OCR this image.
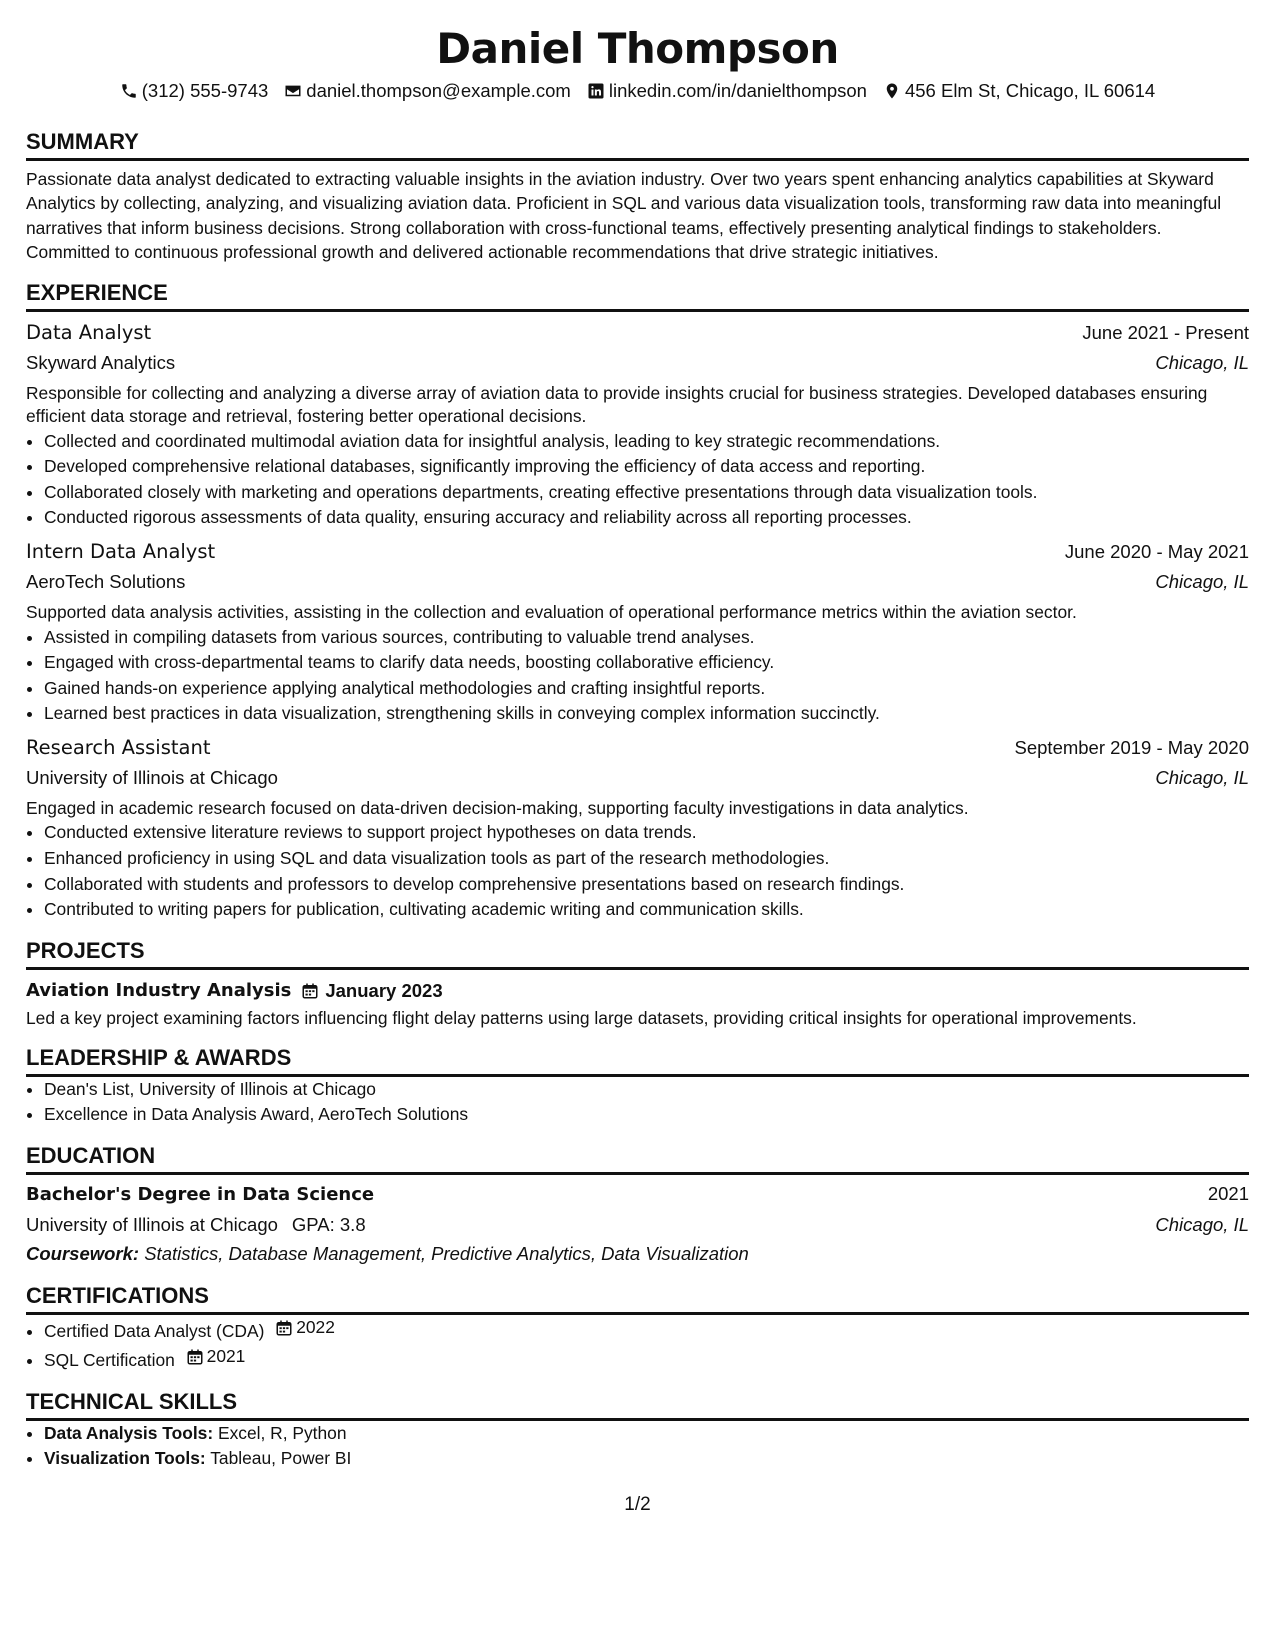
Daniel Thompson
(312) 555-9743 daniel.thompson@example.com linkedin.com/in/danielthompson 456 Elm St, Chicago, IL 60614
SUMMARY

Passionate data analyst dedicated to extracting valuable insights in the aviation industry. Over two years spent enhancing analytics capabilities at Skyward Analytics by collecting, analyzing, and visualizing aviation data. Proficient in SQL and various data visualization tools, transforming raw data into meaningful narratives that inform business decisions. Strong collaboration with cross-functional teams, effectively presenting analytical findings to stakeholders. Committed to continuous professional growth and delivered actionable recommendations that drive strategic initiatives.

EXPERIENCE
Data Analyst	June 2021 - Present
Skyward Analytics	Chicago, IL

Responsible for collecting and analyzing a diverse array of aviation data to provide insights crucial for business strategies. Developed databases ensuring efficient data storage and retrieval, fostering better operational decisions.

• Collected and coordinated multimodal aviation data for insightful analysis, leading to key strategic recommendations.
• Developed comprehensive relational databases, significantly improving the efficiency of data access and reporting.
• Collaborated closely with marketing and operations departments, creating effective presentations through data visualization tools.
• Conducted rigorous assessments of data quality, ensuring accuracy and reliability across all reporting processes.
Intern Data Analyst	June 2020 - May 2021
AeroTech Solutions	Chicago, IL

Supported data analysis activities, assisting in the collection and evaluation of operational performance metrics within the aviation sector.

• Assisted in compiling datasets from various sources, contributing to valuable trend analyses.
• Engaged with cross-departmental teams to clarify data needs, boosting collaborative efficiency.
• Gained hands-on experience applying analytical methodologies and crafting insightful reports.
• Learned best practices in data visualization, strengthening skills in conveying complex information succinctly.
Research Assistant	September 2019 - May 2020
University of Illinois at Chicago	Chicago, IL

Engaged in academic research focused on data-driven decision-making, supporting faculty investigations in data analytics.

• Conducted extensive literature reviews to support project hypotheses on data trends.
• Enhanced proficiency in using SQL and data visualization tools as part of the research methodologies.
• Collaborated with students and professors to develop comprehensive presentations based on research findings.
• Contributed to writing papers for publication, cultivating academic writing and communication skills.
PROJECTS
Aviation Industry Analysis January 2023

Led a key project examining factors influencing flight delay patterns using large datasets, providing critical insights for operational improvements.

LEADERSHIP & AWARDS
• Dean's List, University of Illinois at Chicago
• Excellence in Data Analysis Award, AeroTech Solutions
EDUCATION
Bachelor's Degree in Data Science	2021
University of Illinois at Chicago GPA: 3.8	Chicago, IL
Coursework: Statistics, Database Management, Predictive Analytics, Data Visualization
CERTIFICATIONS
• Certified Data Analyst (CDA) 2022
• SQL Certification 2021
TECHNICAL SKILLS
• Data Analysis Tools: Excel, R, Python
• Visualization Tools: Tableau, Power BI
1/2
